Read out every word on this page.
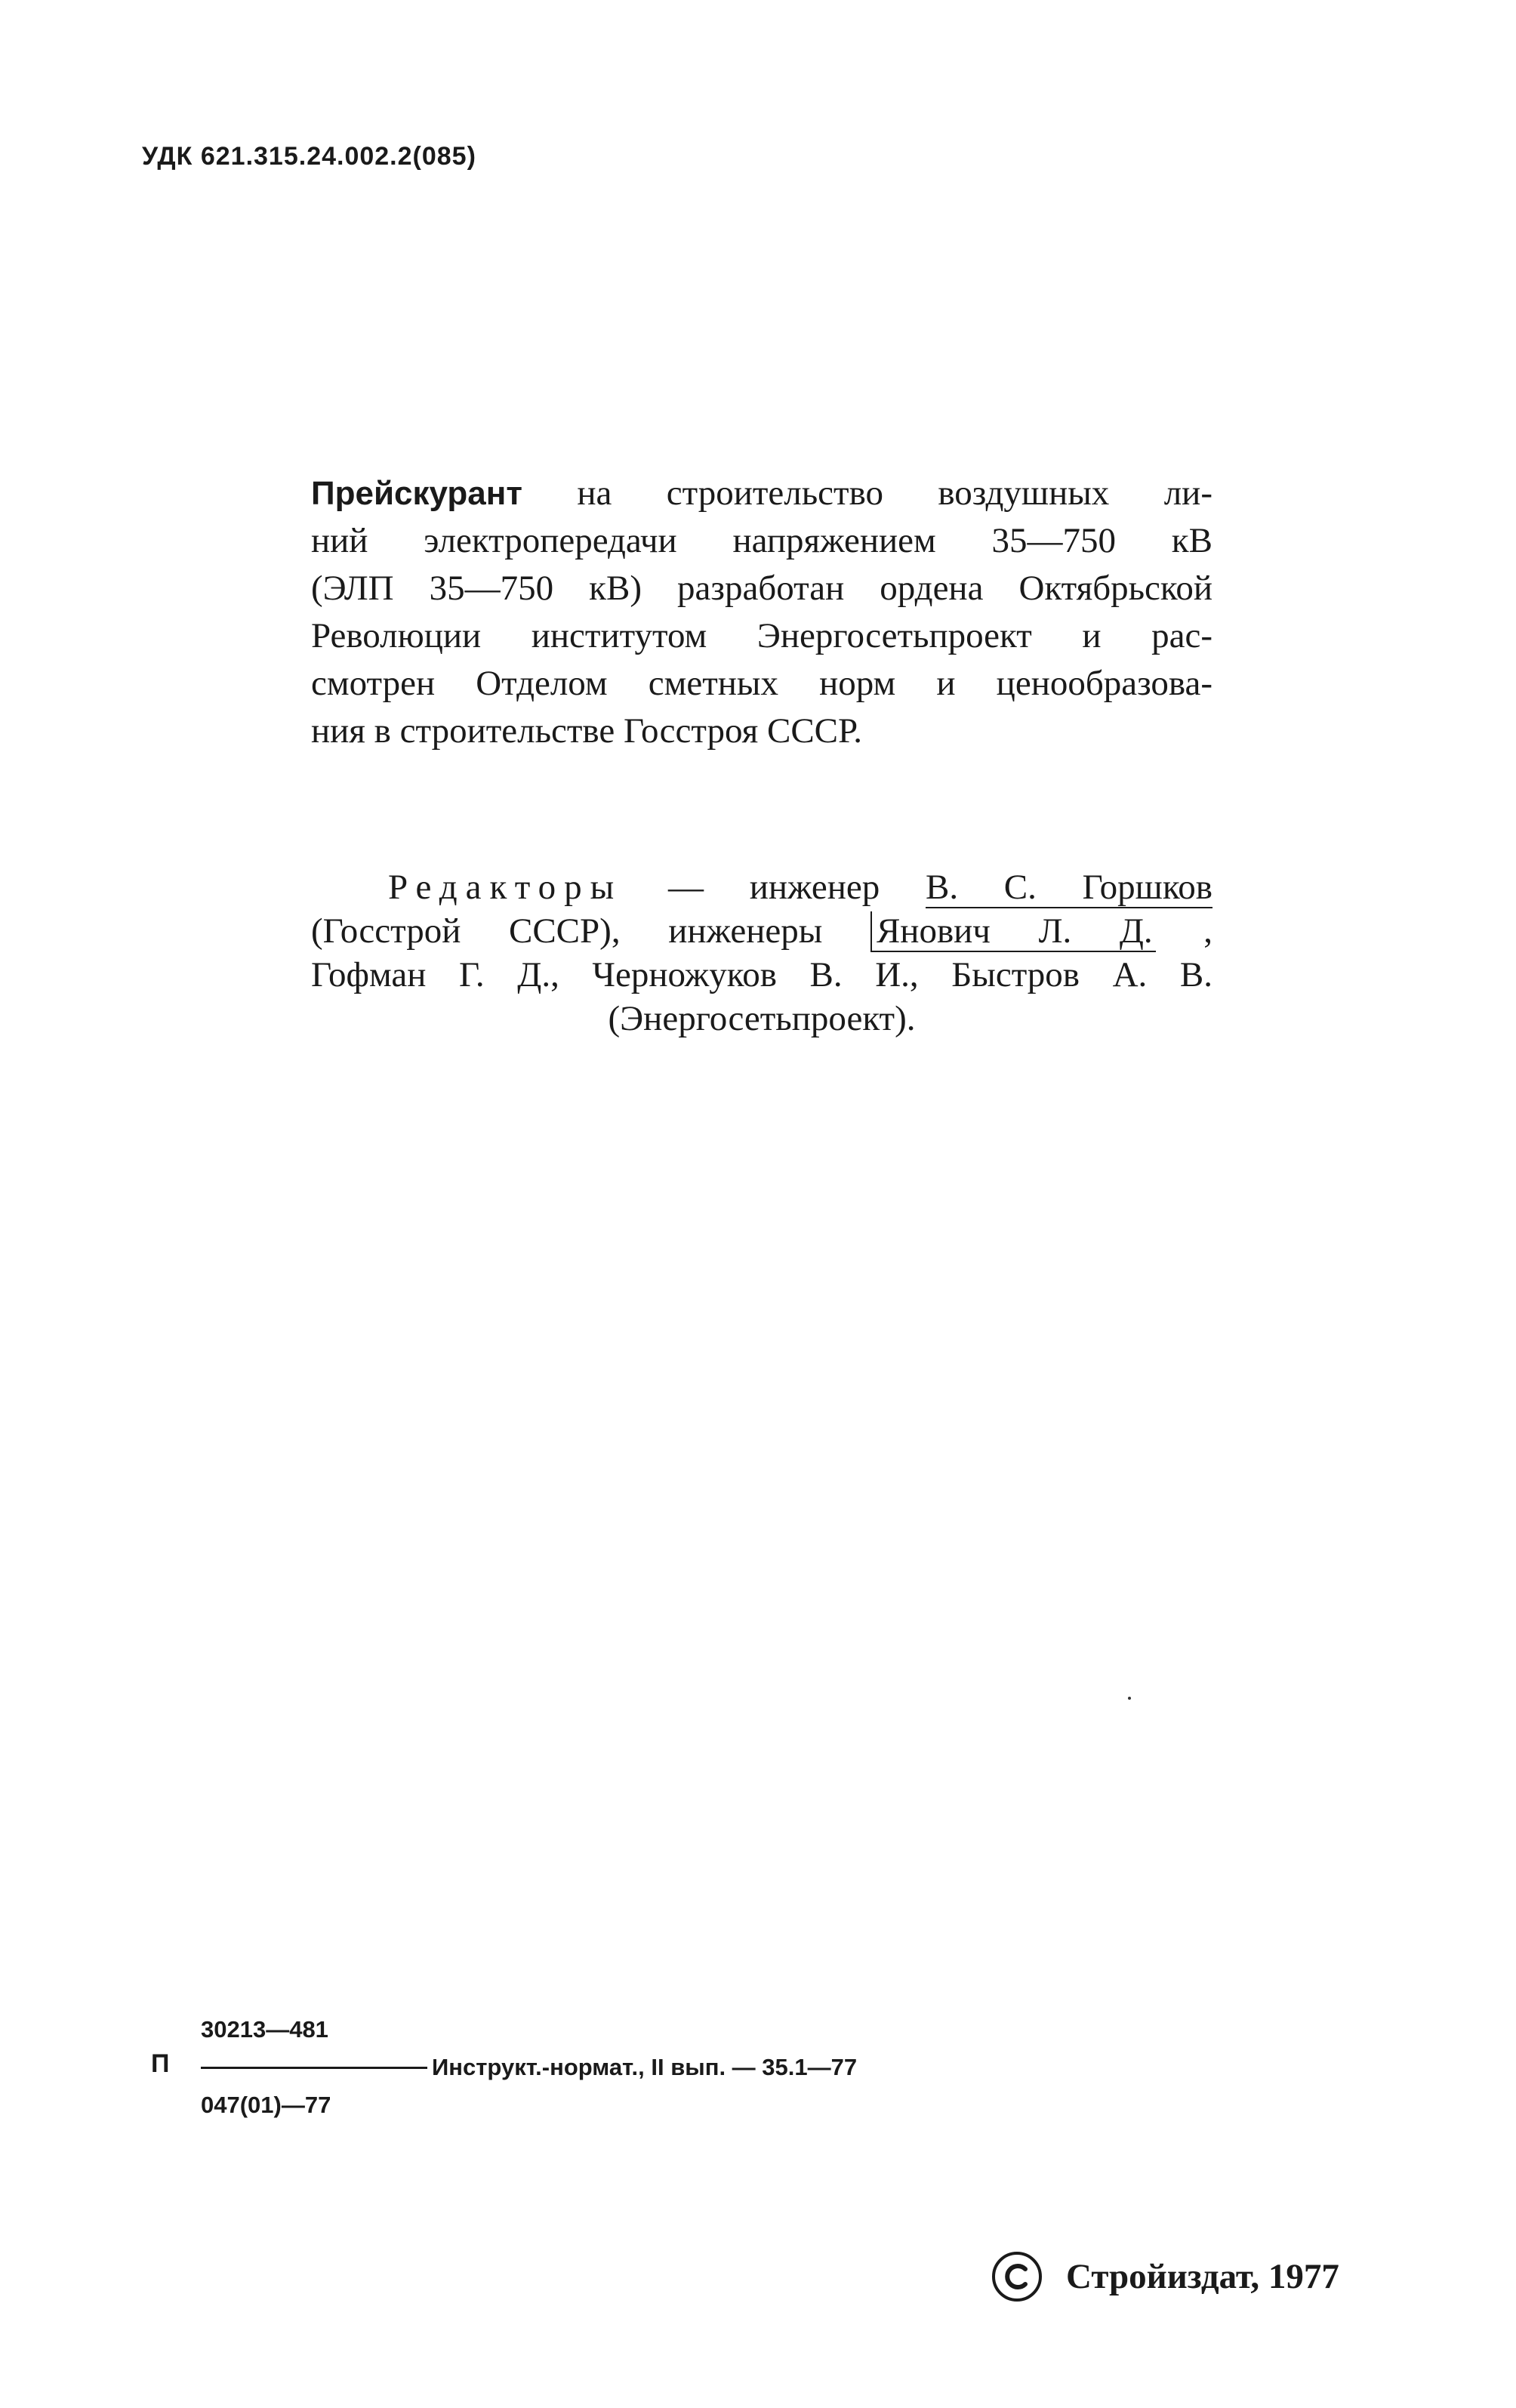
УДК 621.315.24.002.2(085)
Прейскурант на строительство воздушных ли-
ний электропередачи напряжением 35—750 кВ
(ЭЛП 35—750 кВ) разработан ордена Октябрьской
Революции институтом Энергосетьпроект и рас-
смотрен Отделом сметных норм и ценообразова-
ния в строительстве Госстроя СССР.
Редакторы — инженер В. С. Горшков
(Госстрой СССР), инженеры Янович Л. Д. ,
Гофман Г. Д., Черножуков В. И., Быстров А. В.
(Энергосетьпроект).
П
30213—481
047(01)—77
Инструкт.-нормат., II вып. — 35.1—77
Стройиздат, 1977
